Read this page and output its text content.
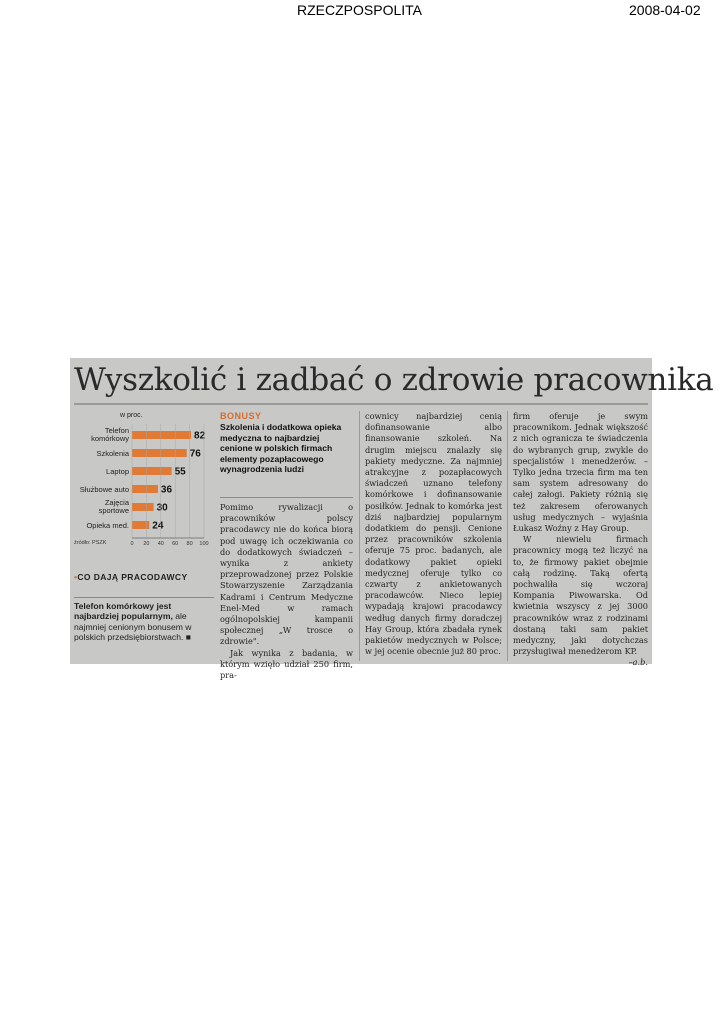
RZECZPOSPOLITA	2008-04-02
Wyszkolić i zadbać o zdrowie pracownika
w proc.
Telefon komórkowy	82
Szkolenia	76
Laptop	55
Służbowe auto	36
Zajęcia sportowe	30
Opieka med. 24
0 20 40 60 80 100
źródło: PSZK
•CO DAJĄ PRACODAWCY
Telefon komórkowy jest najbardziej popularnym, ale najmniej cenionym bonusem w polskich przedsiębiorstwach. ■
BONUSY
Szkolenia i dodatkowa opieka medyczna to najbardziej cenione w polskich firmach elementy pozapłacowego wynagrodzenia ludzi

Pomimo rywalizacji o pracowników polscy pracodawcy nie do końca biorą pod uwagę ich oczekiwania co do dodatkowych świadczeń – wynika z ankiety przeprowadzonej przez Polskie Stowarzyszenie Zarządzania Kadrami i Centrum Medyczne Enel-Med w ramach ogólnopolskiej kampanii społecznej „W trosce o zdrowie".

Jak wynika z badania, w którym wzięło udział 250 firm, pra-

cownicy najbardziej cenią dofinansowanie albo finansowanie szkoleń. Na drugim miejscu znalazły się pakiety medyczne. Za najmniej atrakcyjne z pozapłacowych świadczeń uznano telefony komórkowe i dofinansowanie posiłków. Jednak to komórka jest dziś najbardziej popularnym dodatkiem do pensji. Cenione przez pracowników szkolenia oferuje 75 proc. badanych, ale dodatkowy pakiet opieki medycznej oferuje tylko co czwarty z ankietowanych pracodawców. Nieco lepiej wypadają krajowi pracodawcy według danych firmy doradczej Hay Group, która zbadała rynek pakietów medycznych w Polsce; w jej ocenie obecnie już 80 proc.

firm oferuje je swym pracownikom. Jednak większość z nich ogranicza te świadczenia do wybranych grup, zwykle do specjalistów i menedżerów. – Tylko jedna trzecia firm ma ten sam system adresowany do całej załogi. Pakiety różnią się też zakresem oferowanych usług medycznych – wyjaśnia Łukasz Woźny z Hay Group.

W niewielu firmach pracownicy mogą też liczyć na to, że firmowy pakiet obejmie całą rodzinę. Taką ofertą pochwaliła się wczoraj Kompania Piwowarska. Od kwietnia wszyscy z jej 3000 pracowników wraz z rodzinami dostaną taki sam pakiet medyczny, jaki dotychczas przysługiwał menedżerom KP.
–a.b.
